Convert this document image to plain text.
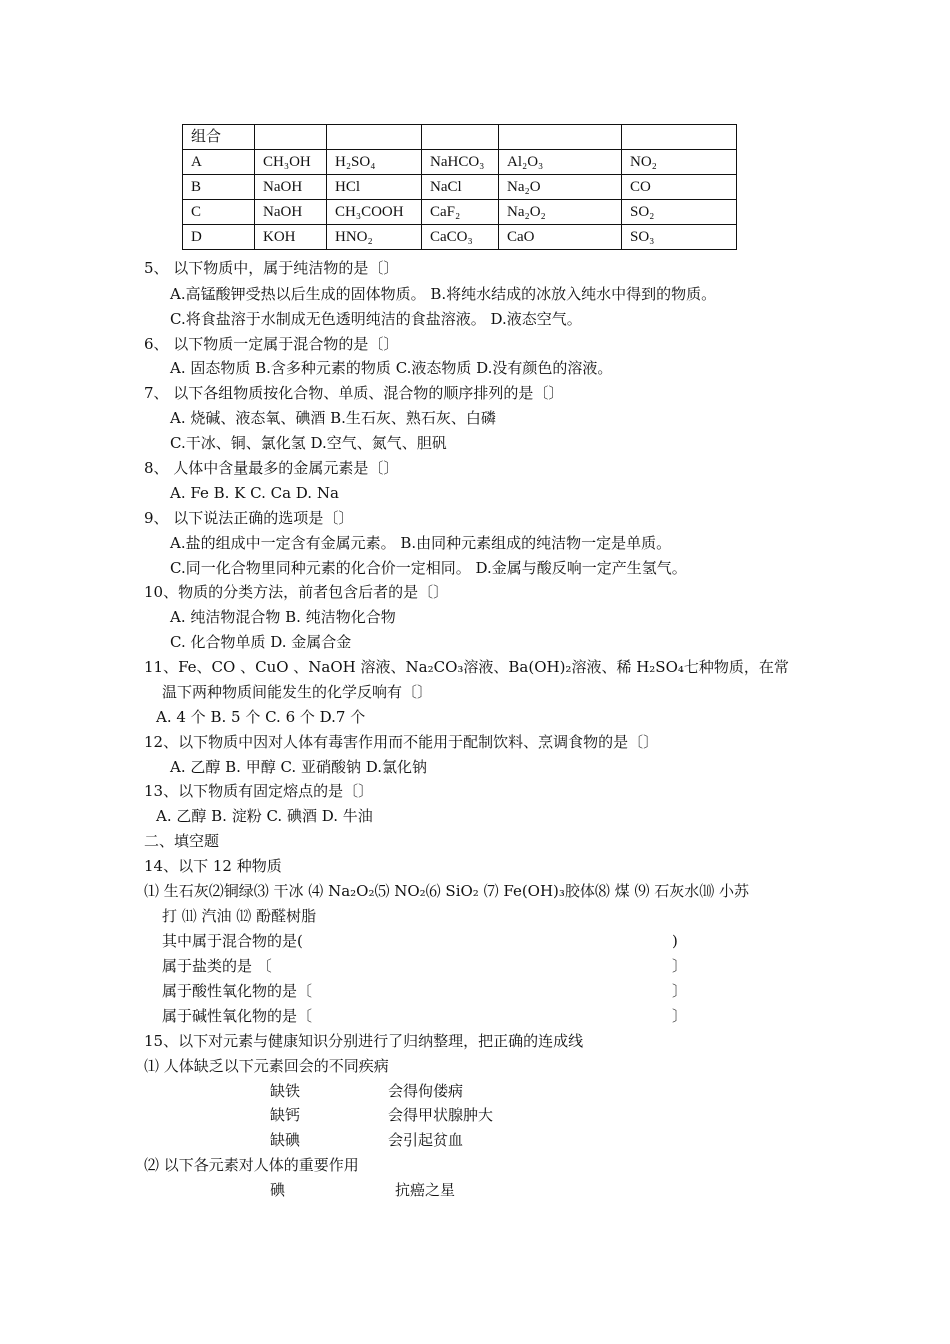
组合					
A	CH₃OH	H₂SO₄	NaHCO₃	Al₂O₃	NO₂
B	NaOH	HCl	NaCl	Na₂O	CO
C	NaOH	CH₃COOH	CaF₂	Na₂O₂	SO₂
D	KOH	HNO₂	CaCO₃	CaO	SO₃
5、 以下物质中，属于纯洁物的是〔〕
A.高锰酸钾受热以后生成的固体物质。 B.将纯水结成的冰放入纯水中得到的物质。
C.将食盐溶于水制成无色透明纯洁的食盐溶液。 D.液态空气。
6、 以下物质一定属于混合物的是〔〕
A. 固态物质 B.含多种元素的物质 C.液态物质 D.没有颜色的溶液。
7、 以下各组物质按化合物、单质、混合物的顺序排列的是〔〕
A. 烧碱、液态氧、碘酒 B.生石灰、熟石灰、白磷
C.干冰、铜、氯化氢 D.空气、氮气、胆矾
8、 人体中含量最多的金属元素是〔〕
A. Fe B. K C. Ca D. Na
9、 以下说法正确的选项是〔〕
A.盐的组成中一定含有金属元素。 B.由同种元素组成的纯洁物一定是单质。
C.同一化合物里同种元素的化合价一定相同。 D.金属与酸反响一定产生氢气。
10、物质的分类方法，前者包含后者的是〔〕
A. 纯洁物混合物 B. 纯洁物化合物
C. 化合物单质 D. 金属合金
11、Fe、CO 、CuO 、NaOH 溶液、Na₂CO₃溶液、Ba(OH)₂溶液、稀 H₂SO₄七种物质，在常
温下两种物质间能发生的化学反响有〔〕
A. 4 个 B. 5 个 C. 6 个 D.7 个
12、以下物质中因对人体有毒害作用而不能用于配制饮料、烹调食物的是〔〕
A. 乙醇 B. 甲醇 C. 亚硝酸钠 D.氯化钠
13、以下物质有固定熔点的是〔〕
A. 乙醇 B. 淀粉 C. 碘酒 D. 牛油
二、填空题
14、以下 12 种物质
⑴ 生石灰⑵铜绿⑶ 干冰 ⑷ Na₂O₂⑸ NO₂⑹ SiO₂ ⑺ Fe(OH)₃胶体⑻ 煤 ⑼ 石灰水⑽ 小苏
打 ⑾ 汽油 ⑿ 酚醛树脂
其中属于混合物的是(	)
属于盐类的是 〔	〕
属于酸性氧化物的是〔	〕
属于碱性氧化物的是〔	〕
15、以下对元素与健康知识分别进行了归纳整理，把正确的连成线
⑴ 人体缺乏以下元素回会的不同疾病
缺铁	会得佝偻病
缺钙	会得甲状腺肿大
缺碘	会引起贫血
⑵ 以下各元素对人体的重要作用
碘	抗癌之星
